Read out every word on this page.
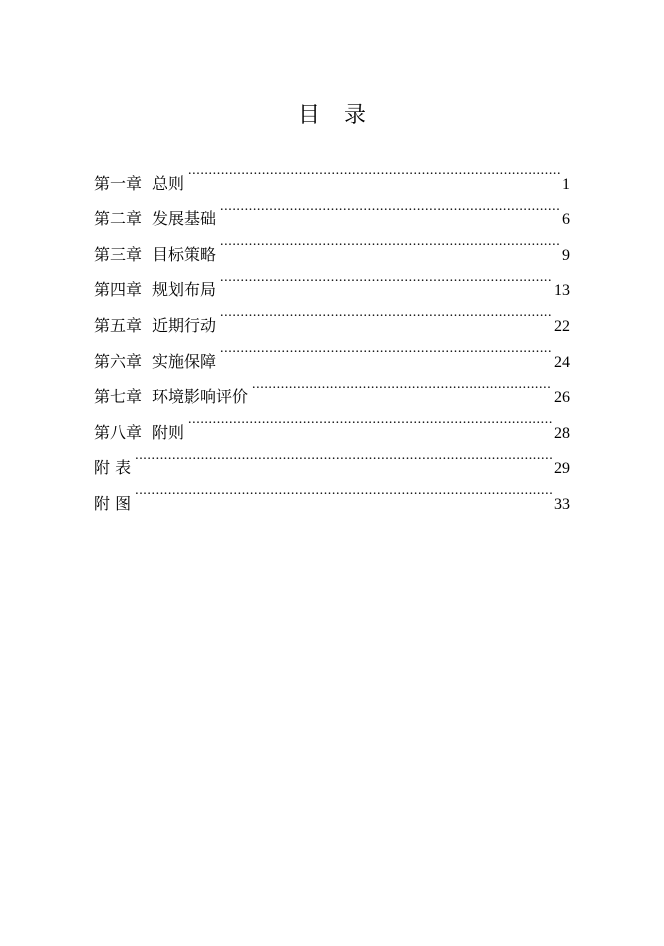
目 录
第一章 总则 .....	1
第二章 发展基础 .....	6
第三章 目标策略 .....	9
第四章 规划布局 .....	13
第五章 近期行动 .....	22
第六章 实施保障 .....	24
第七章 环境影响评价 .....	26
第八章 附则 .....	28
附 表 .....	29
附 图 .....	33
